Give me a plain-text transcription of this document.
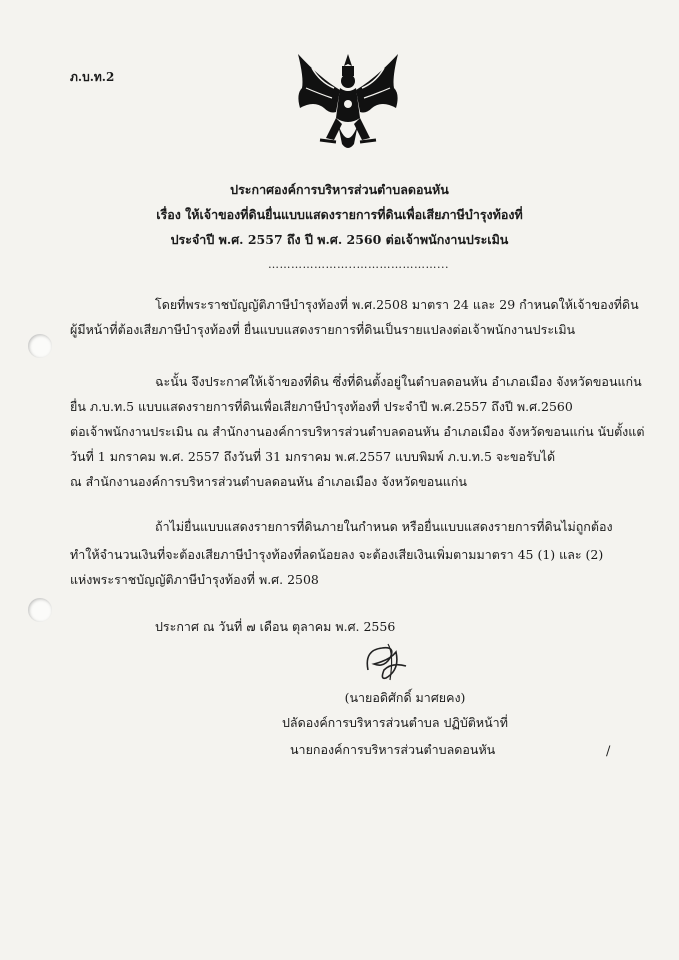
ภ.บ.ท.2
ประกาศองค์การบริหารส่วนตำบลดอนหัน
เรื่อง ให้เจ้าของที่ดินยื่นแบบแสดงรายการที่ดินเพื่อเสียภาษีบำรุงท้องที่
ประจำปี พ.ศ. 2557 ถึง ปี พ.ศ. 2560 ต่อเจ้าพนักงานประเมิน
…………………..…………………...
โดยที่พระราชบัญญัติภาษีบำรุงท้องที่ พ.ศ.2508 มาตรา 24 และ 29 กำหนดให้เจ้าของที่ดิน
ผู้มีหน้าที่ต้องเสียภาษีบำรุงท้องที่ ยื่นแบบแสดงรายการที่ดินเป็นรายแปลงต่อเจ้าพนักงานประเมิน
ฉะนั้น จึงประกาศให้เจ้าของที่ดิน ซึ่งที่ดินตั้งอยู่ในตำบลดอนหัน อำเภอเมือง จังหวัดขอนแก่น
ยื่น ภ.บ.ท.5 แบบแสดงรายการที่ดินเพื่อเสียภาษีบำรุงท้องที่ ประจำปี พ.ศ.2557 ถึงปี พ.ศ.2560
ต่อเจ้าพนักงานประเมิน ณ สำนักงานองค์การบริหารส่วนตำบลดอนหัน อำเภอเมือง จังหวัดขอนแก่น นับตั้งแต่
วันที่ 1 มกราคม พ.ศ. 2557 ถึงวันที่ 31 มกราคม พ.ศ.2557 แบบพิมพ์ ภ.บ.ท.5 จะขอรับได้
ณ สำนักงานองค์การบริหารส่วนตำบลดอนหัน อำเภอเมือง จังหวัดขอนแก่น
ถ้าไม่ยื่นแบบแสดงรายการที่ดินภายในกำหนด หรือยื่นแบบแสดงรายการที่ดินไม่ถูกต้อง
ทำให้จำนวนเงินที่จะต้องเสียภาษีบำรุงท้องที่ลดน้อยลง จะต้องเสียเงินเพิ่มตามมาตรา 45 (1) และ (2)
แห่งพระราชบัญญัติภาษีบำรุงท้องที่ พ.ศ. 2508
ประกาศ ณ วันที่ ๗ เดือน ตุลาคม พ.ศ. 2556
(นายอดิศักดิ์ มาศยคง)
ปลัดองค์การบริหารส่วนตำบล ปฏิบัติหน้าที่
นายกองค์การบริหารส่วนตำบลดอนหัน	/
